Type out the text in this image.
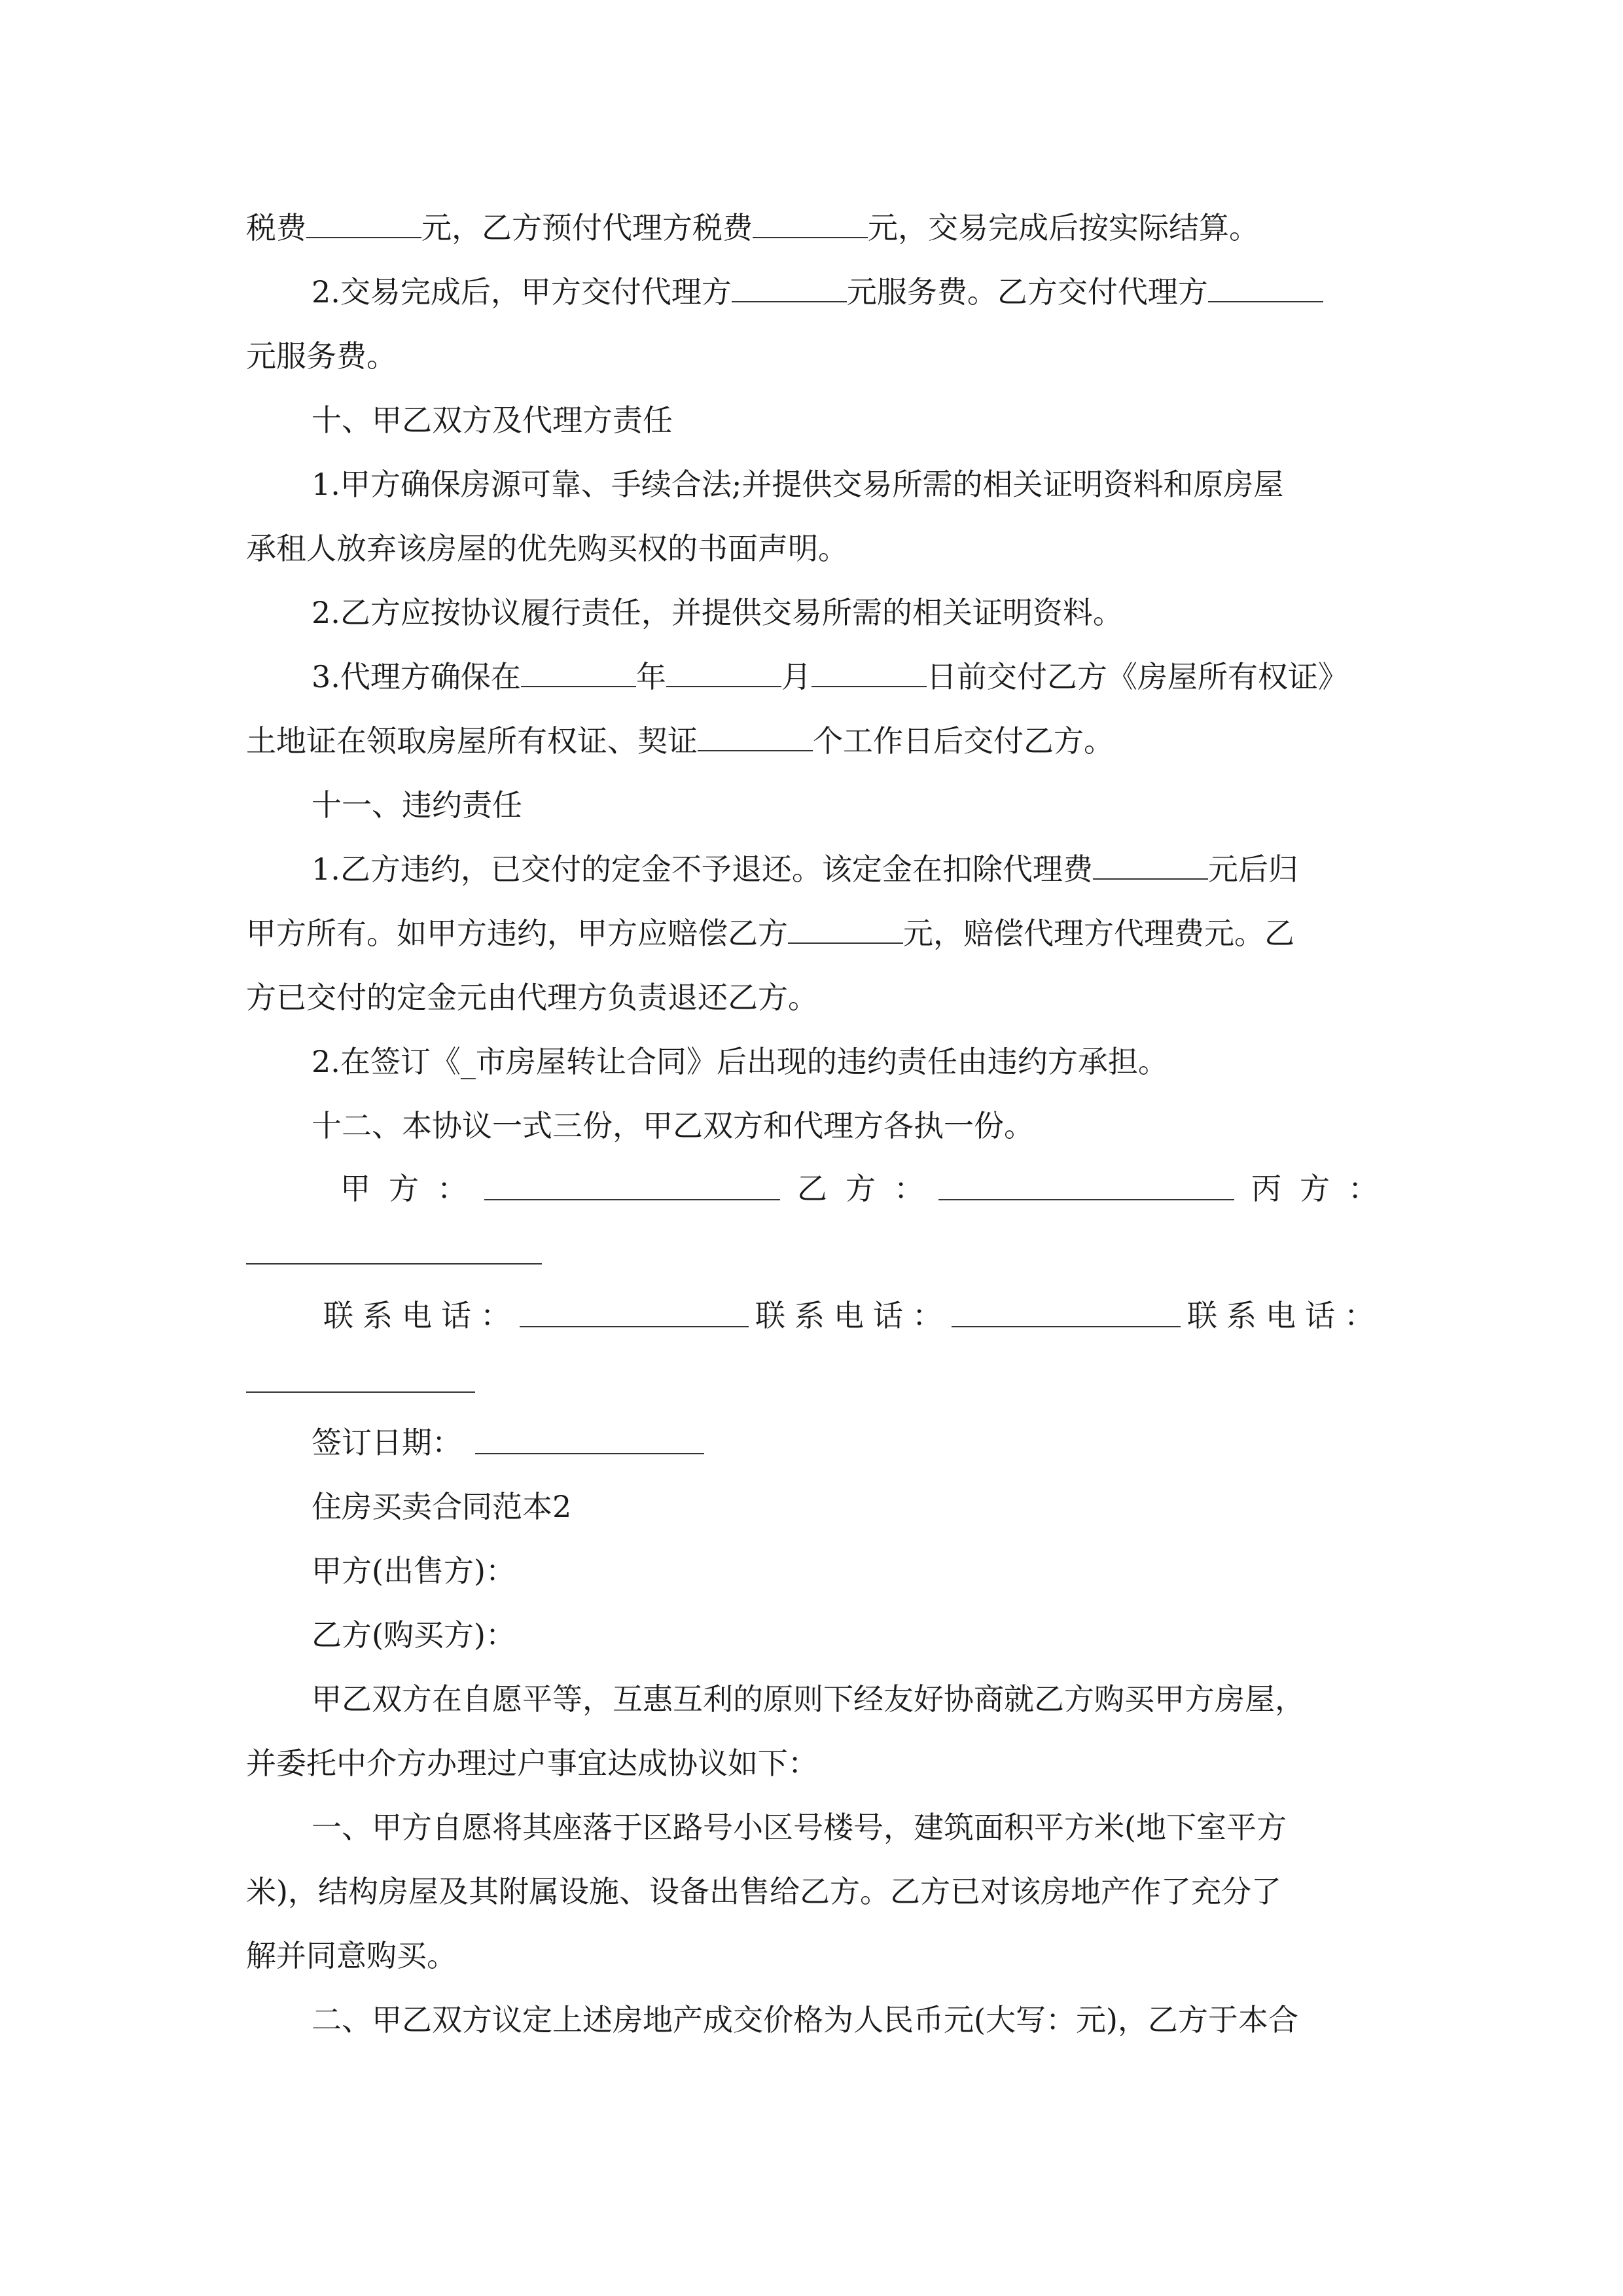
税费	元，乙方预付代理方税费	元，交易完成后按实际结算。
2.交易完成后，甲方交付代理方	元服务费。乙方交付代理方
元服务费。
十、甲乙双方及代理方责任
1.甲方确保房源可靠、手续合法;并提供交易所需的相关证明资料和原房屋
承租人放弃该房屋的优先购买权的书面声明。
2.乙方应按协议履行责任，并提供交易所需的相关证明资料。
3.代理方确保在	年	月	日前交付乙方《房屋所有权证》
土地证在领取房屋所有权证、契证	个工作日后交付乙方。
十一、违约责任
1.乙方违约，已交付的定金不予退还。该定金在扣除代理费	元后归
甲方所有。如甲方违约，甲方应赔偿乙方	元，赔偿代理方代理费元。乙
方已交付的定金元由代理方负责退还乙方。
2.在签订《_市房屋转让合同》后出现的违约责任由违约方承担。
十二、本协议一式三份，甲乙双方和代理方各执一份。
甲方：	乙方：	丙方：
联系电话：	联系电话：	联系电话：
签订日期：
住房买卖合同范本2
甲方(出售方)：
乙方(购买方)：
甲乙双方在自愿平等，互惠互利的原则下经友好协商就乙方购买甲方房屋，
并委托中介方办理过户事宜达成协议如下：
一、甲方自愿将其座落于区路号小区号楼号，建筑面积平方米(地下室平方
米)，结构房屋及其附属设施、设备出售给乙方。乙方已对该房地产作了充分了
解并同意购买。
二、甲乙双方议定上述房地产成交价格为人民币元(大写：元)，乙方于本合
